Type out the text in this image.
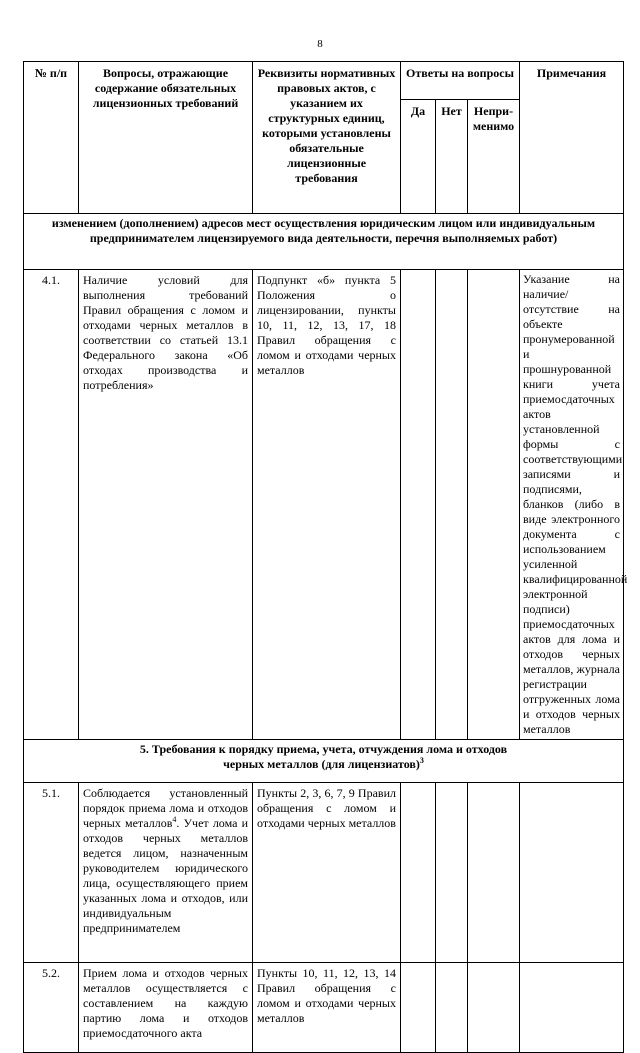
8
№ п/п	Вопросы, отражающие содержание обязательных лицензионных требований	Реквизиты нормативных правовых актов, с указанием их структурных единиц, которыми установлены обязательные лицензионные требования	Ответы на вопросы			Примечания

			Да	Нет	Непри-менимо	

изменением (дополнением) адресов мест осуществления юридическим лицом или индивидуальным предпринимателем лицензируемого вида деятельности, перечня выполняемых работ)						
4.1.	Наличие условий для выполнения требований Правил обращения с ломом и отходами черных металлов в соответствии со статьей 13.1 Федерального закона «Об отходах производства и потребления»	Подпункт «б» пункта 5 Положения о лицензировании, пункты 10, 11, 12, 13, 17, 18 Правил обращения с ломом и отходами черных металлов				Указание на наличие/отсутствие на объекте пронумерованной и прошнурованной книги учета приемосдаточных актов установленной формы с соответствующими записями и подписями, бланков (либо в виде электронного документа с использованием усиленной квалифицированной электронной подписи) приемосдаточных актов для лома и отходов черных металлов, журнала регистрации отгруженных лома и отходов черных металлов

5. Требования к порядку приема, учета, отчуждения лома и отходов
черных металлов (для лицензиатов)$^3$
5.1.	Соблюдается установленный порядок приема лома и отходов черных металлов$^4$. Учет лома и отходов черных металлов ведется лицом, назначенным руководителем юридического лица, осуществляющего прием указанных лома и отходов, или индивидуальным предпринимателем	Пункты 2, 3, 6, 7, 9 Правил обращения с ломом и отходами черных металлов				

5.2.	Прием лома и отходов черных металлов осуществляется с составлением на каждую партию лома и отходов приемосдаточного акта	Пункты 10, 11, 12, 13, 14 Правил обращения с ломом и отходами черных металлов				
